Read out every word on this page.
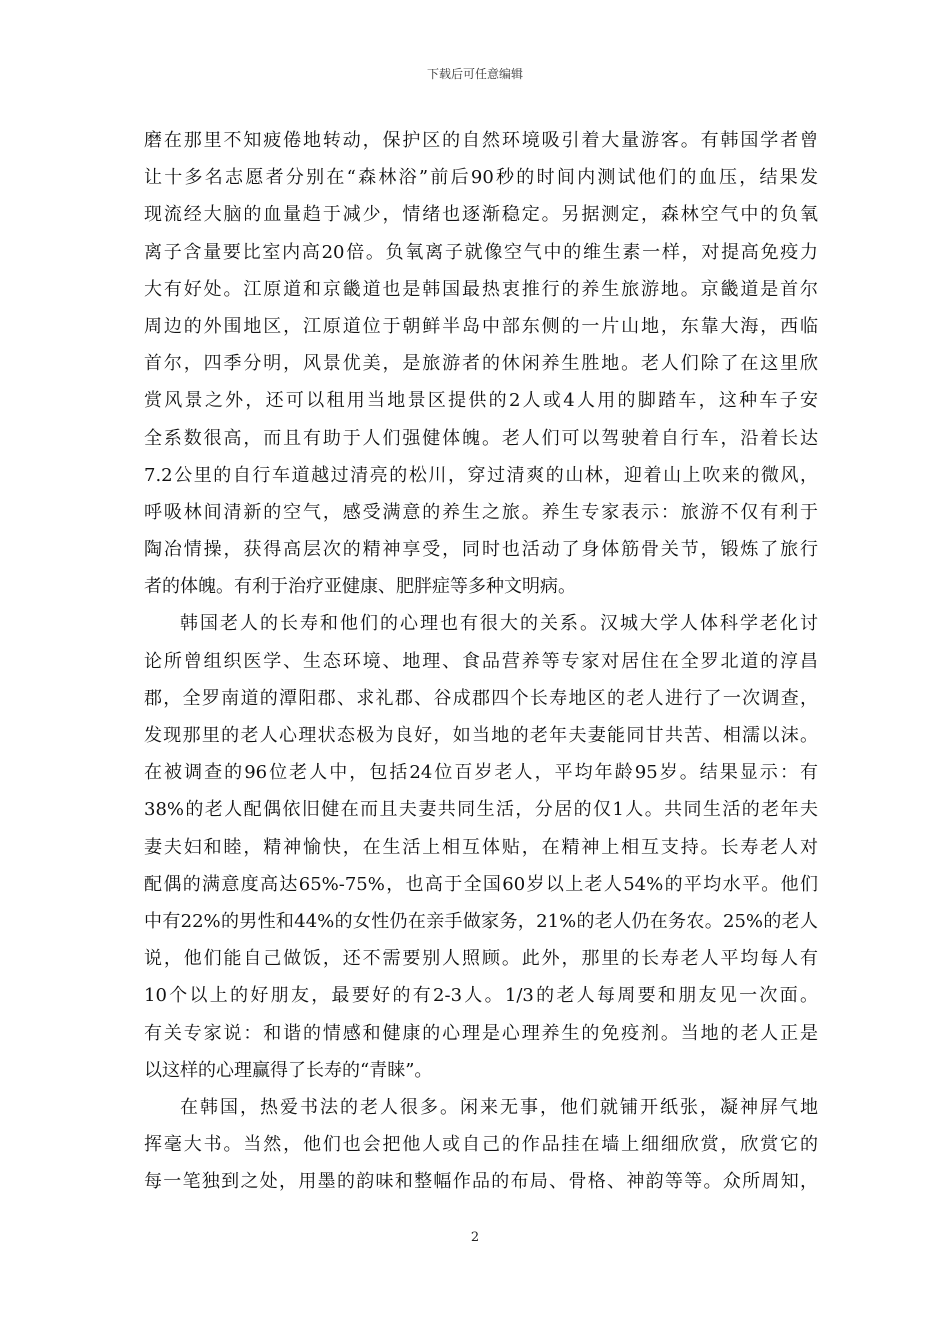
下载后可任意编辑

磨在那里不知疲倦地转动，保护区的自然环境吸引着大量游客。有韩国学者曾
让十多名志愿者分别在“森林浴”前后90秒的时间内测试他们的血压，结果发
现流经大脑的血量趋于减少，情绪也逐渐稳定。另据测定，森林空气中的负氧
离子含量要比室内高20倍。负氧离子就像空气中的维生素一样，对提高免疫力
大有好处。江原道和京畿道也是韩国最热衷推行的养生旅游地。京畿道是首尔
周边的外围地区，江原道位于朝鲜半岛中部东侧的一片山地，东靠大海，西临
首尔，四季分明，风景优美，是旅游者的休闲养生胜地。老人们除了在这里欣
赏风景之外，还可以租用当地景区提供的2人或4人用的脚踏车，这种车子安
全系数很高，而且有助于人们强健体魄。老人们可以驾驶着自行车，沿着长达
7.2公里的自行车道越过清亮的松川，穿过清爽的山林，迎着山上吹来的微风，
呼吸林间清新的空气，感受满意的养生之旅。养生专家表示：旅游不仅有利于
陶冶情操，获得高层次的精神享受，同时也活动了身体筋骨关节，锻炼了旅行
者的体魄。有利于治疗亚健康、肥胖症等多种文明病。

韩国老人的长寿和他们的心理也有很大的关系。汉城大学人体科学老化讨
论所曾组织医学、生态环境、地理、食品营养等专家对居住在全罗北道的淳昌
郡，全罗南道的潭阳郡、求礼郡、谷成郡四个长寿地区的老人进行了一次调查，
发现那里的老人心理状态极为良好，如当地的老年夫妻能同甘共苦、相濡以沫。
在被调查的96位老人中，包括24位百岁老人，平均年龄95岁。结果显示：有
38%的老人配偶依旧健在而且夫妻共同生活，分居的仅1人。共同生活的老年夫
妻夫妇和睦，精神愉快，在生活上相互体贴，在精神上相互支持。长寿老人对
配偶的满意度高达65%-75%，也高于全国60岁以上老人54%的平均水平。他们
中有22%的男性和44%的女性仍在亲手做家务，21%的老人仍在务农。25%的老人
说，他们能自己做饭，还不需要别人照顾。此外，那里的长寿老人平均每人有
10个以上的好朋友，最要好的有2-3人。1/3的老人每周要和朋友见一次面。
有关专家说：和谐的情感和健康的心理是心理养生的免疫剂。当地的老人正是
以这样的心理赢得了长寿的“青睐”。

在韩国，热爱书法的老人很多。闲来无事，他们就铺开纸张，凝神屏气地
挥毫大书。当然，他们也会把他人或自己的作品挂在墙上细细欣赏，欣赏它的
每一笔独到之处，用墨的韵味和整幅作品的布局、骨格、神韵等等。众所周知，

2
